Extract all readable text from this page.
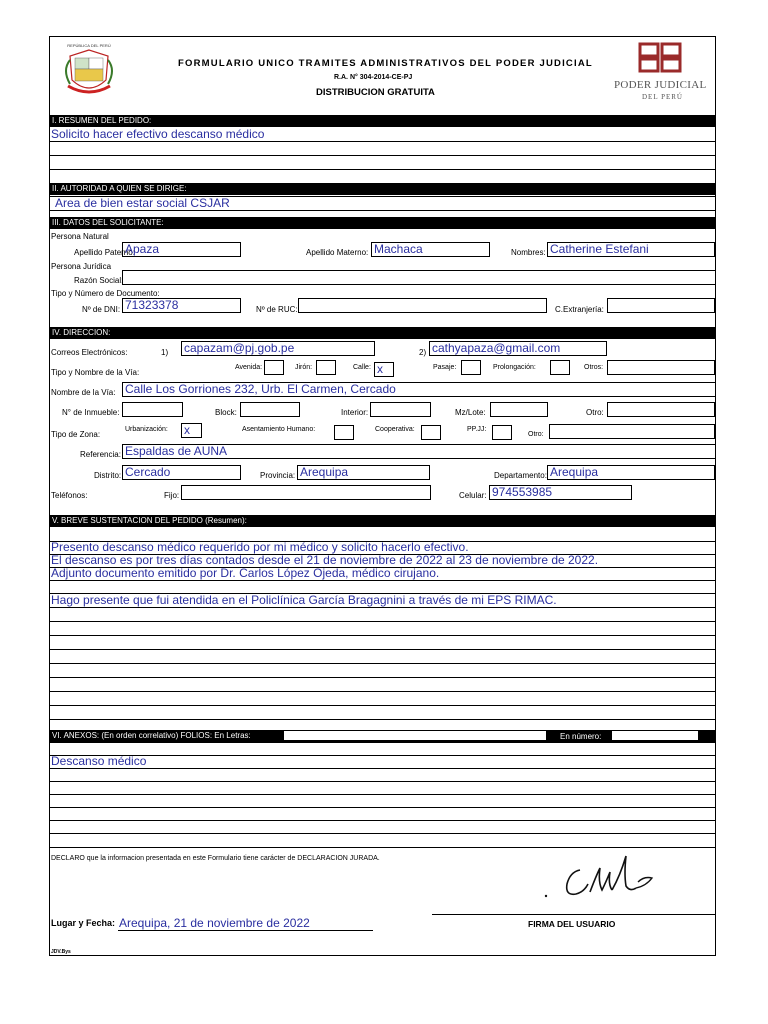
REPÚBLICA DEL PERÚ
FORMULARIO UNICO TRAMITES ADMINISTRATIVOS DEL PODER JUDICIAL
R.A. N° 304-2014-CE-PJ
DISTRIBUCION GRATUITA
PODER JUDICIAL
DEL PERÚ
I. RESUMEN DEL PEDIDO:
Solicito hacer efectivo descanso médico
II. AUTORIDAD A QUIEN SE DIRIGE:
Area de bien estar social CSJAR
III. DATOS DEL SOLICITANTE:
Persona Natural
Apellido Paterno:
Apaza	Apellido Materno: Machaca	Nombres: Catherine Estefani
Persona Jurídica
Razón Social:
Tipo y Número de Documento:
Nº de DNI: 71323378	Nº de RUC:	C.Extranjería:
IV. DIRECCION:
Correos Electrónicos:	1) capazam@pj.gob.pe	2) cathyapaza@gmail.com
Tipo y Nombre de la Vía:
Avenida:	Jirón:	Calle: x	Pasaje:	Prolongación:	Otros:
Nombre de la Vía: Calle Los Gorriones 232, Urb. El Carmen, Cercado
N° de Inmueble:	Block:	Interior:	Mz/Lote:	Otro:
Tipo de Zona:
Urbanización: x	Asentamiento Humano:	Cooperativa:	PP.JJ:
Otro:
Referencia: Espaldas de AUNA
Distrito: Cercado	Provincia: Arequipa	Departamento: Arequipa
Teléfonos:	Fijo:	Celular: 974553985
V. BREVE SUSTENTACION DEL PEDIDO (Resumen):
Presento descanso médico requerido por mi médico y solicito hacerlo efectivo.
El descanso es por tres días contados desde el 21 de noviembre de 2022 al 23 de noviembre de 2022.
Adjunto documento emitido por Dr. Carlos López Ojeda, médico cirujano.
Hago presente que fui atendida en el Policlínica García Bragagnini a través de mi EPS RIMAC.
VI. ANEXOS: (En orden correlativo) FOLIOS: En Letras:	En número:
Descanso médico
DECLARO que la informacion presentada en este Formulario tiene carácter de DECLARACION JURADA.
Lugar y Fecha: Arequipa, 21 de noviembre de 2022	FIRMA DEL USUARIO
JDV.Bys
